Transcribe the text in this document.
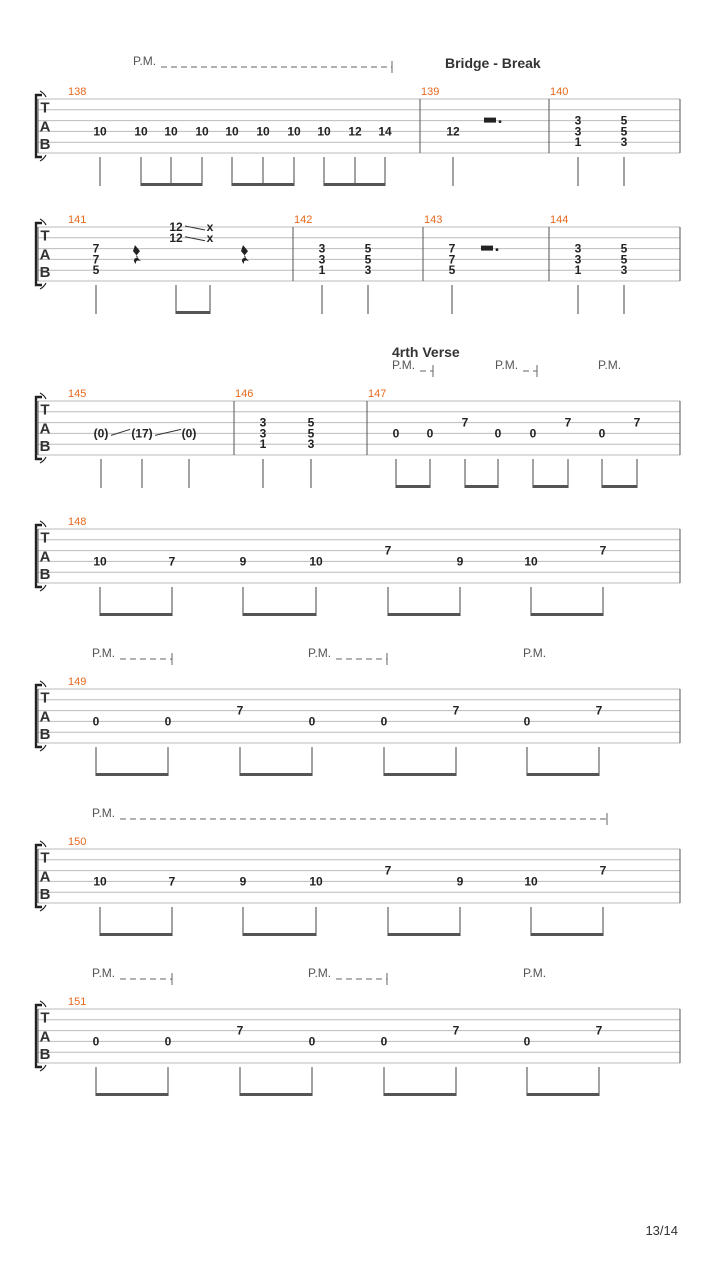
T
A
B
138	139	140
Bridge - Break
P.M.
10 10 10 10 10 10 10 10 12 14	12
3
3
1
5
5
3
T
A
B
141	142	143	144
7
7
5
3
3
1
5
5
3
7
7
5
3
3
1
5
5
3
12 x
12 x
T
A
B
145	146	147
4rth Verse
P.M.	P.M.	P.M.
(0) (17) (0)	0 0
7
0 0
7
0
7
3
3
1
5
5
3
T
A
B
148
10	7	9	10
7
9	10
7
T
A
B
149
P.M.	P.M.	P.M.
0	0
7
0	0
7
0
7
T
A
B
150
P.M.
10	7	9	10
7
9	10
7
T
A
B
151
P.M.	P.M.	P.M.
0	0
7
0	0
7
0
7
13/14
